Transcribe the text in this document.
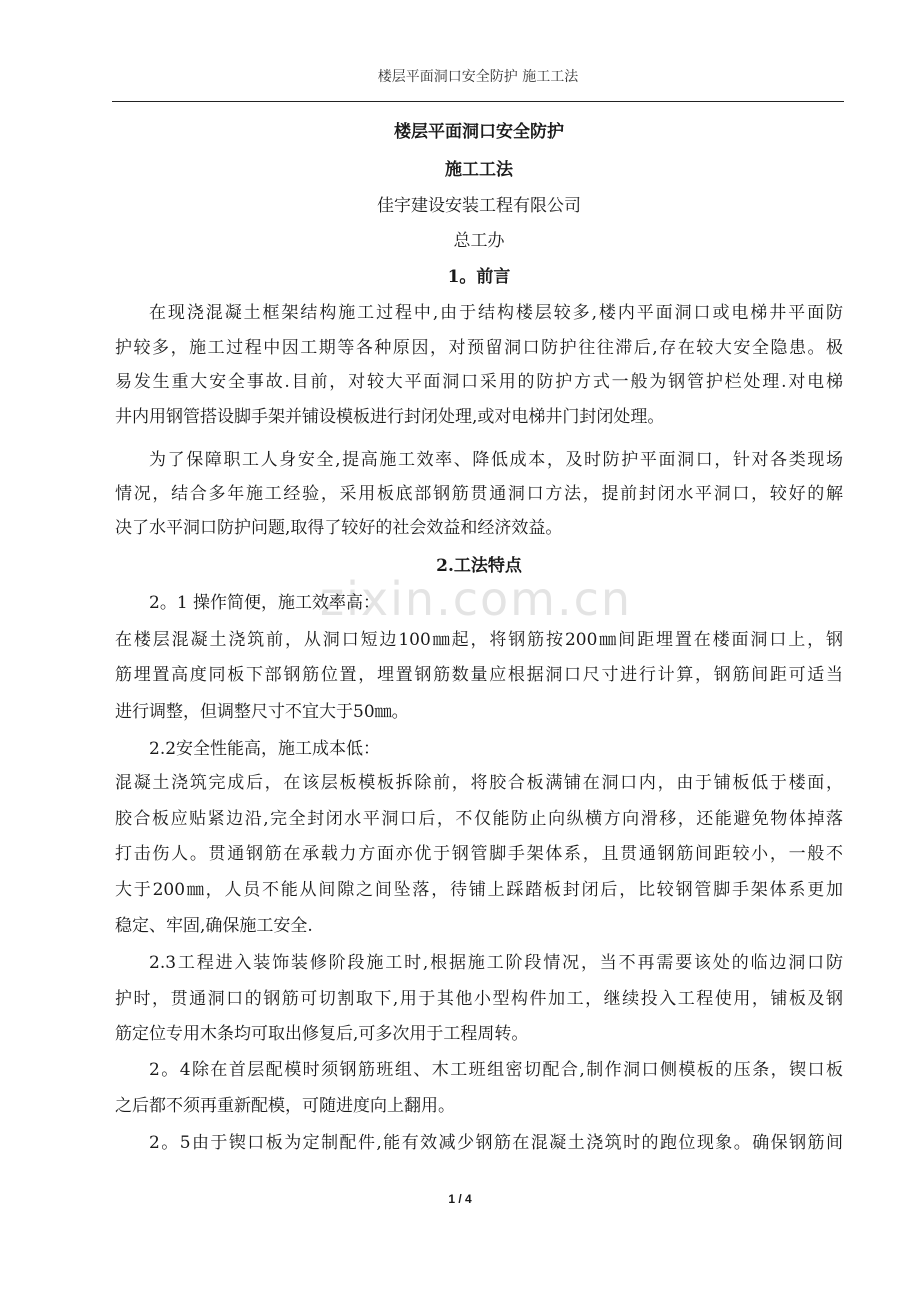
楼层平面洞口安全防护 施工工法
zixin.com.cn
楼层平面洞口安全防护
施工工法
佳宇建设安装工程有限公司
总工办
1。前言
在现浇混凝土框架结构施工过程中,由于结构楼层较多,楼内平面洞口或电梯井平面防
护较多，施工过程中因工期等各种原因，对预留洞口防护往往滞后,存在较大安全隐患。极
易发生重大安全事故.目前，对较大平面洞口采用的防护方式一般为钢管护栏处理.对电梯
井内用钢管搭设脚手架并铺设模板进行封闭处理,或对电梯井门封闭处理。
为了保障职工人身安全,提高施工效率、降低成本，及时防护平面洞口，针对各类现场
情况，结合多年施工经验，采用板底部钢筋贯通洞口方法，提前封闭水平洞口，较好的解
决了水平洞口防护问题,取得了较好的社会效益和经济效益。
2.工法特点
2。1 操作简便，施工效率高：
在楼层混凝土浇筑前，从洞口短边100㎜起，将钢筋按200㎜间距埋置在楼面洞口上，钢
筋埋置高度同板下部钢筋位置，埋置钢筋数量应根据洞口尺寸进行计算，钢筋间距可适当
进行调整，但调整尺寸不宜大于50㎜。
2.2安全性能高，施工成本低：
混凝土浇筑完成后，在该层板模板拆除前，将胶合板满铺在洞口内，由于铺板低于楼面，
胶合板应贴紧边沿,完全封闭水平洞口后，不仅能防止向纵横方向滑移，还能避免物体掉落
打击伤人。贯通钢筋在承载力方面亦优于钢管脚手架体系，且贯通钢筋间距较小，一般不
大于200㎜，人员不能从间隙之间坠落，待铺上踩踏板封闭后，比较钢管脚手架体系更加
稳定、牢固,确保施工安全.
2.3工程进入装饰装修阶段施工时,根据施工阶段情况，当不再需要该处的临边洞口防
护时，贯通洞口的钢筋可切割取下,用于其他小型构件加工，继续投入工程使用，铺板及钢
筋定位专用木条均可取出修复后,可多次用于工程周转。
2。4除在首层配模时须钢筋班组、木工班组密切配合,制作洞口侧模板的压条，锲口板
之后都不须再重新配模，可随进度向上翻用。
2。5由于锲口板为定制配件,能有效减少钢筋在混凝土浇筑时的跑位现象。确保钢筋间
1 / 4
